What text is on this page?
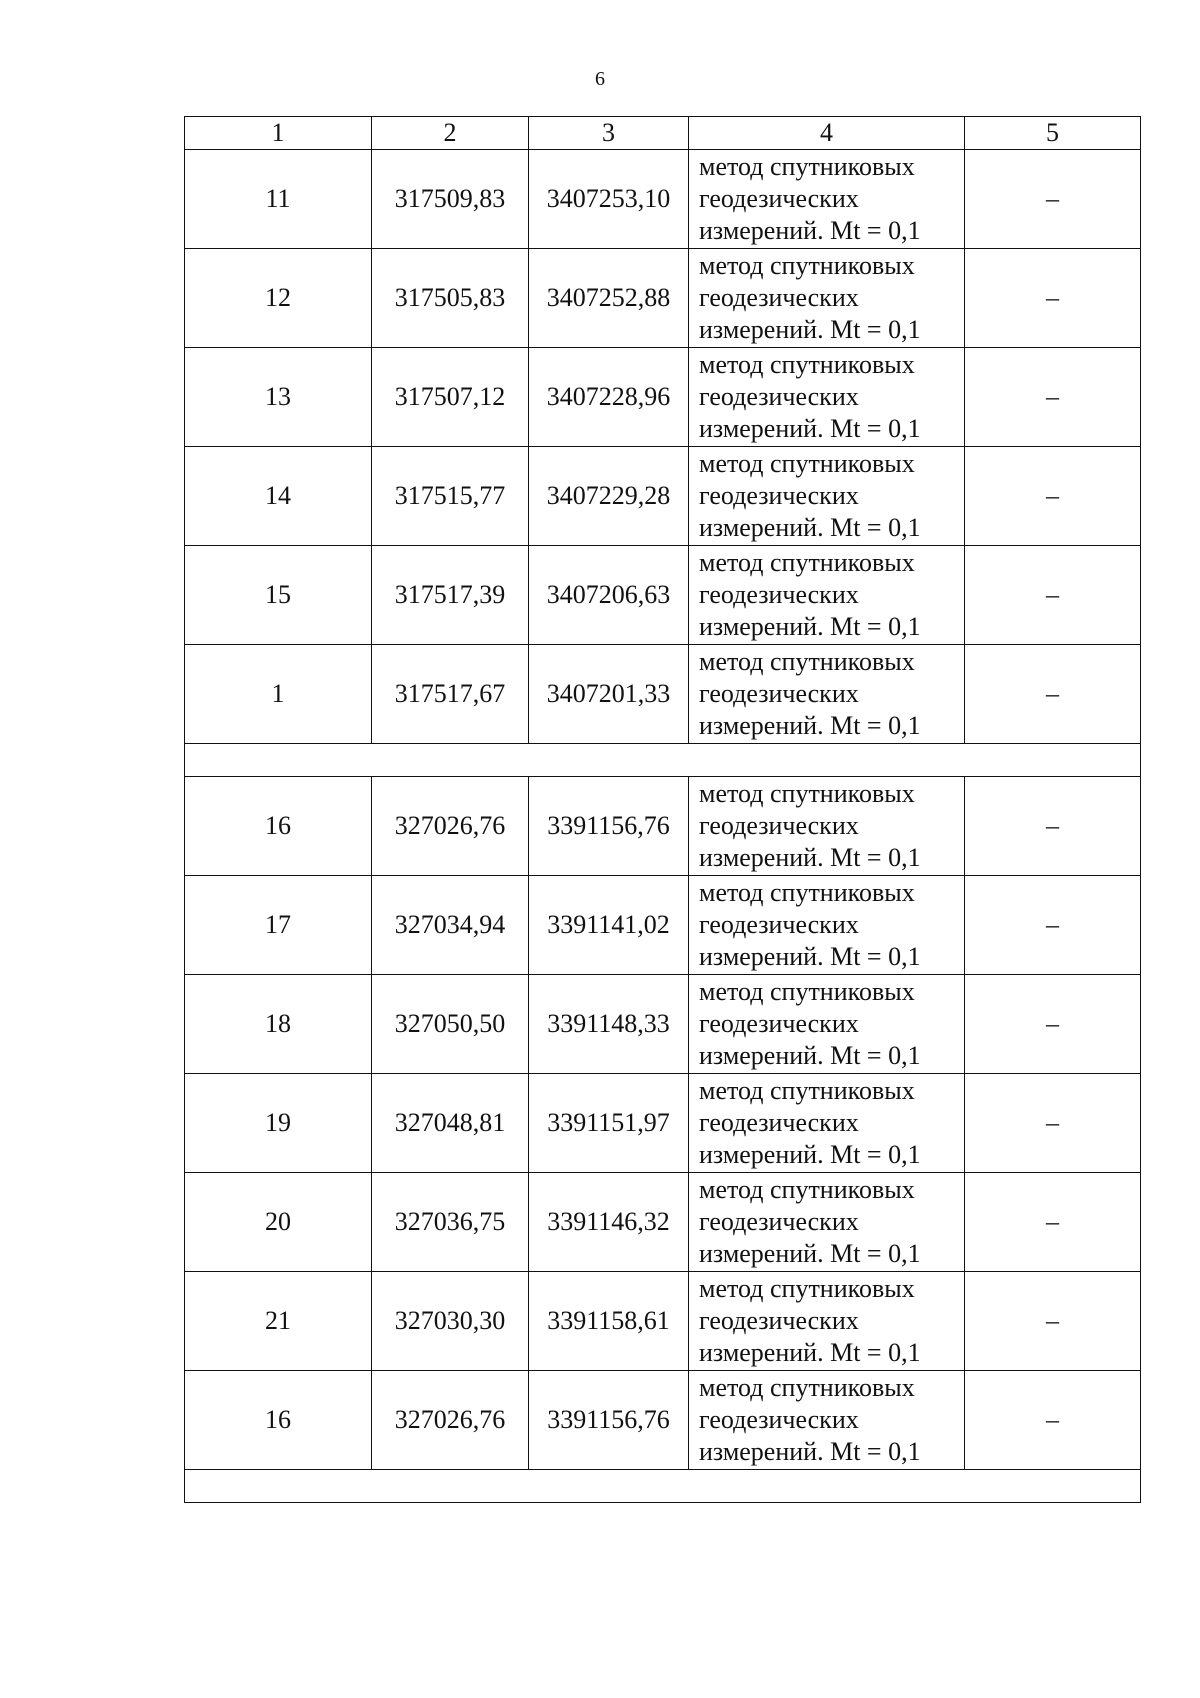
6
1	2	3	4	5
11	317509,83	3407253,10	метод спутниковых геодезических измерений. Mt = 0,1	–
12	317505,83	3407252,88	метод спутниковых геодезических измерений. Mt = 0,1	–
13	317507,12	3407228,96	метод спутниковых геодезических измерений. Mt = 0,1	–
14	317515,77	3407229,28	метод спутниковых геодезических измерений. Mt = 0,1	–
15	317517,39	3407206,63	метод спутниковых геодезических измерений. Mt = 0,1	–
1	317517,67	3407201,33	метод спутниковых геодезических измерений. Mt = 0,1	–

16	327026,76	3391156,76	метод спутниковых геодезических измерений. Mt = 0,1	–
17	327034,94	3391141,02	метод спутниковых геодезических измерений. Mt = 0,1	–
18	327050,50	3391148,33	метод спутниковых геодезических измерений. Mt = 0,1	–
19	327048,81	3391151,97	метод спутниковых геодезических измерений. Mt = 0,1	–
20	327036,75	3391146,32	метод спутниковых геодезических измерений. Mt = 0,1	–
21	327030,30	3391158,61	метод спутниковых геодезических измерений. Mt = 0,1	–
16	327026,76	3391156,76	метод спутниковых геодезических измерений. Mt = 0,1	–
